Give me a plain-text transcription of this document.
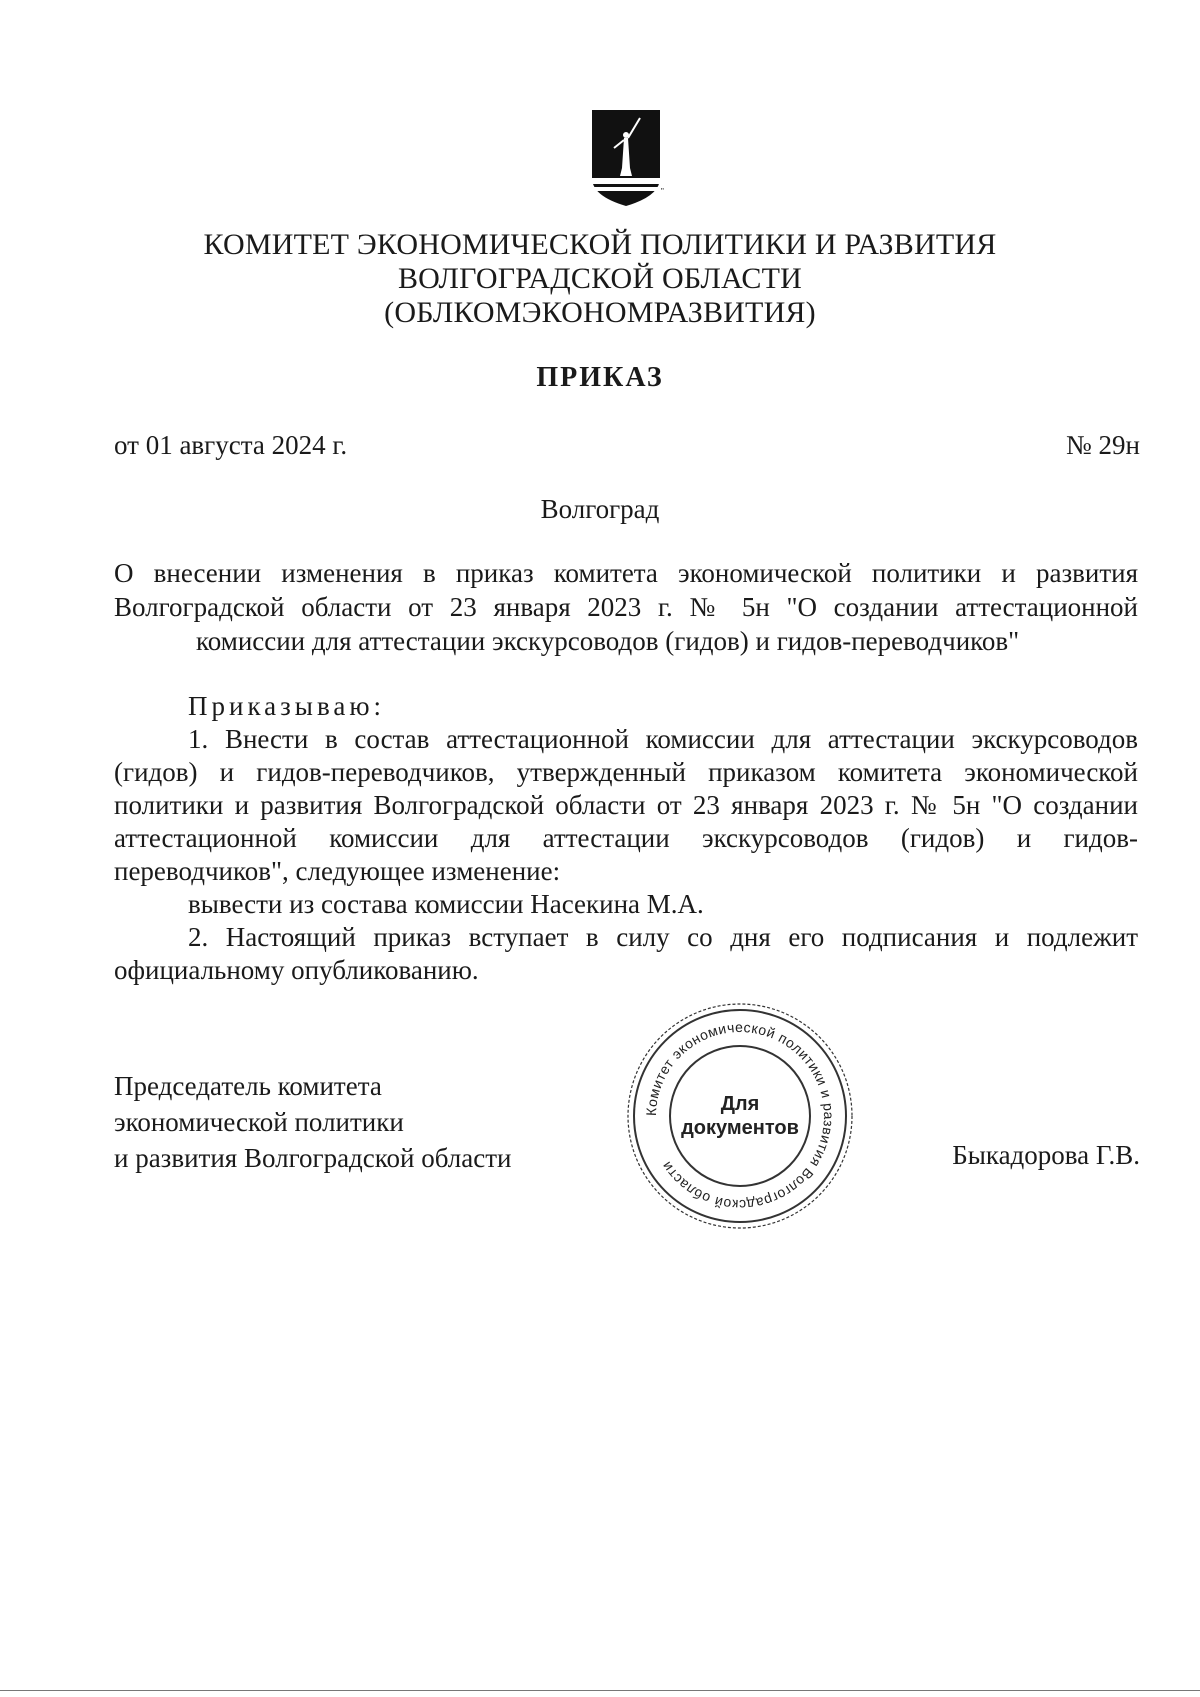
"
КОМИТЕТ ЭКОНОМИЧЕСКОЙ ПОЛИТИКИ И РАЗВИТИЯ
ВОЛГОГРАДСКОЙ ОБЛАСТИ
(ОБЛКОМЭКОНОМРАЗВИТИЯ)
ПРИКАЗ
от 01 августа 2024 г.	№ 29н
Волгоград
О внесении изменения в приказ комитета экономической политики и развития
Волгоградской области от 23 января 2023 г. № 5н "О создании аттестационной
комиссии для аттестации экскурсоводов (гидов) и гидов-переводчиков"
Приказываю:
1. Внести в состав аттестационной комиссии для аттестации экскурсоводов
(гидов) и гидов-переводчиков, утвержденный приказом комитета экономической
политики и развития Волгоградской области от 23 января 2023 г. № 5н "О создании
аттестационной комиссии для аттестации экскурсоводов (гидов) и гидов-
переводчиков", следующее изменение:
вывести из состава комиссии Насекина М.А.
2. Настоящий приказ вступает в силу со дня его подписания и подлежит
официальному опубликованию.
Председатель комитета
экономической политики
и развития Волгоградской области
Комитет экономической политики и развития Волгоградской области
Для
документов
Быкадорова Г.В.
